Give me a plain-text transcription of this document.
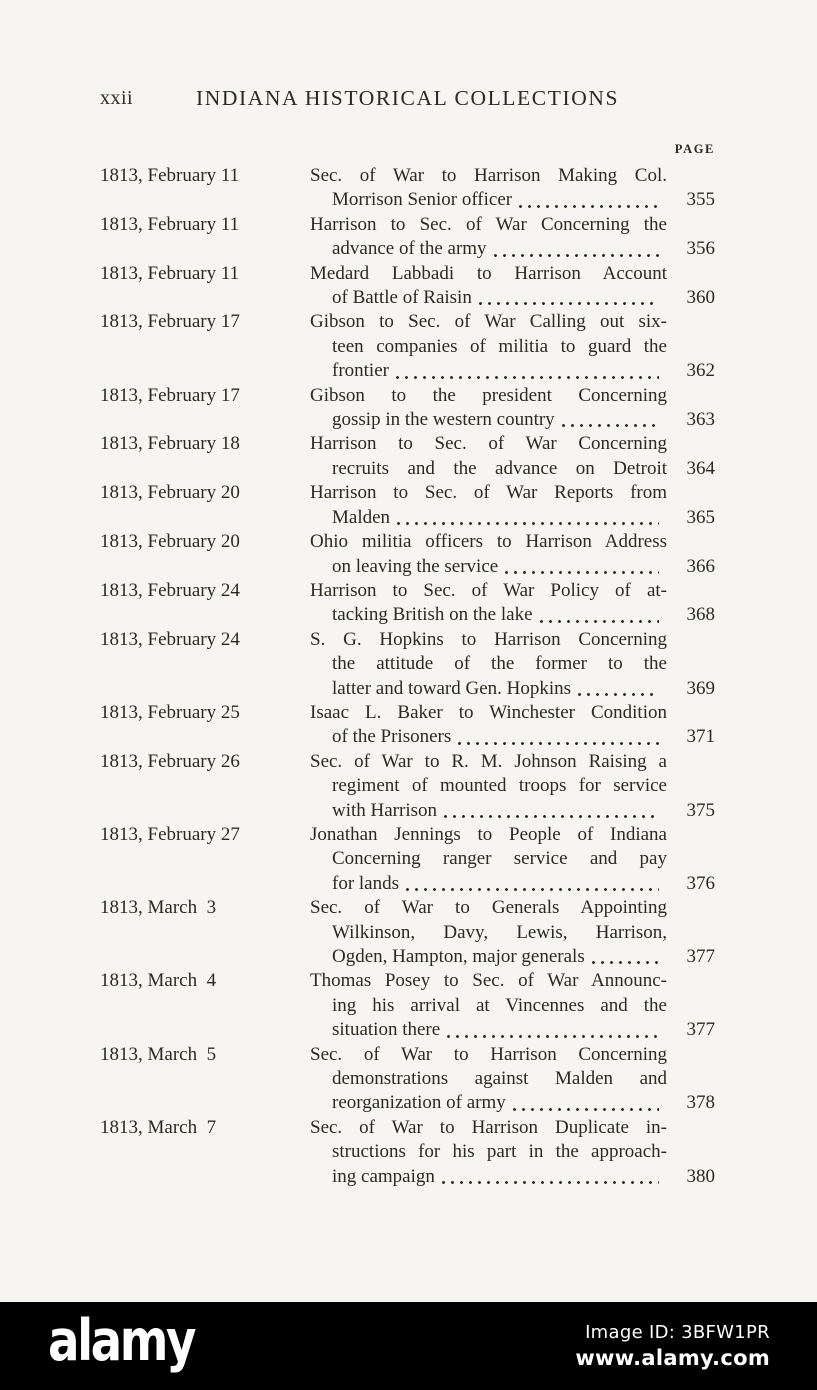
xxii	INDIANA HISTORICAL COLLECTIONS
PAGE
1813, February 11	Sec. of War to Harrison Making Col.
Morrison Senior officer	355
1813, February 11	Harrison to Sec. of War Concerning the
advance of the army	356
1813, February 11	Medard Labbadi to Harrison Account
of Battle of Raisin	360
1813, February 17	Gibson to Sec. of War Calling out six-
teen companies of militia to guard the
frontier	362
1813, February 17	Gibson to the president Concerning
gossip in the western country	363
1813, February 18	Harrison to Sec. of War Concerning
recruits and the advance on Detroit	364
1813, February 20	Harrison to Sec. of War Reports from
Malden	365
1813, February 20	Ohio militia officers to Harrison Address
on leaving the service	366
1813, February 24	Harrison to Sec. of War Policy of at-
tacking British on the lake	368
1813, February 24	S. G. Hopkins to Harrison Concerning
the attitude of the former to the
latter and toward Gen. Hopkins	369
1813, February 25	Isaac L. Baker to Winchester Condition
of the Prisoners	371
1813, February 26	Sec. of War to R. M. Johnson Raising a
regiment of mounted troops for service
with Harrison	375
1813, February 27	Jonathan Jennings to People of Indiana
Concerning ranger service and pay
for lands	376
1813, March  3	Sec. of War to Generals Appointing
Wilkinson, Davy, Lewis, Harrison,
Ogden, Hampton, major generals	377
1813, March  4	Thomas Posey to Sec. of War Announc-
ing his arrival at Vincennes and the
situation there	377
1813, March  5	Sec. of War to Harrison Concerning
demonstrations against Malden and
reorganization of army	378
1813, March  7	Sec. of War to Harrison Duplicate in-
structions for his part in the approach-
ing campaign	380
alamy	Image ID: 3BFW1PR
www.alamy.com
